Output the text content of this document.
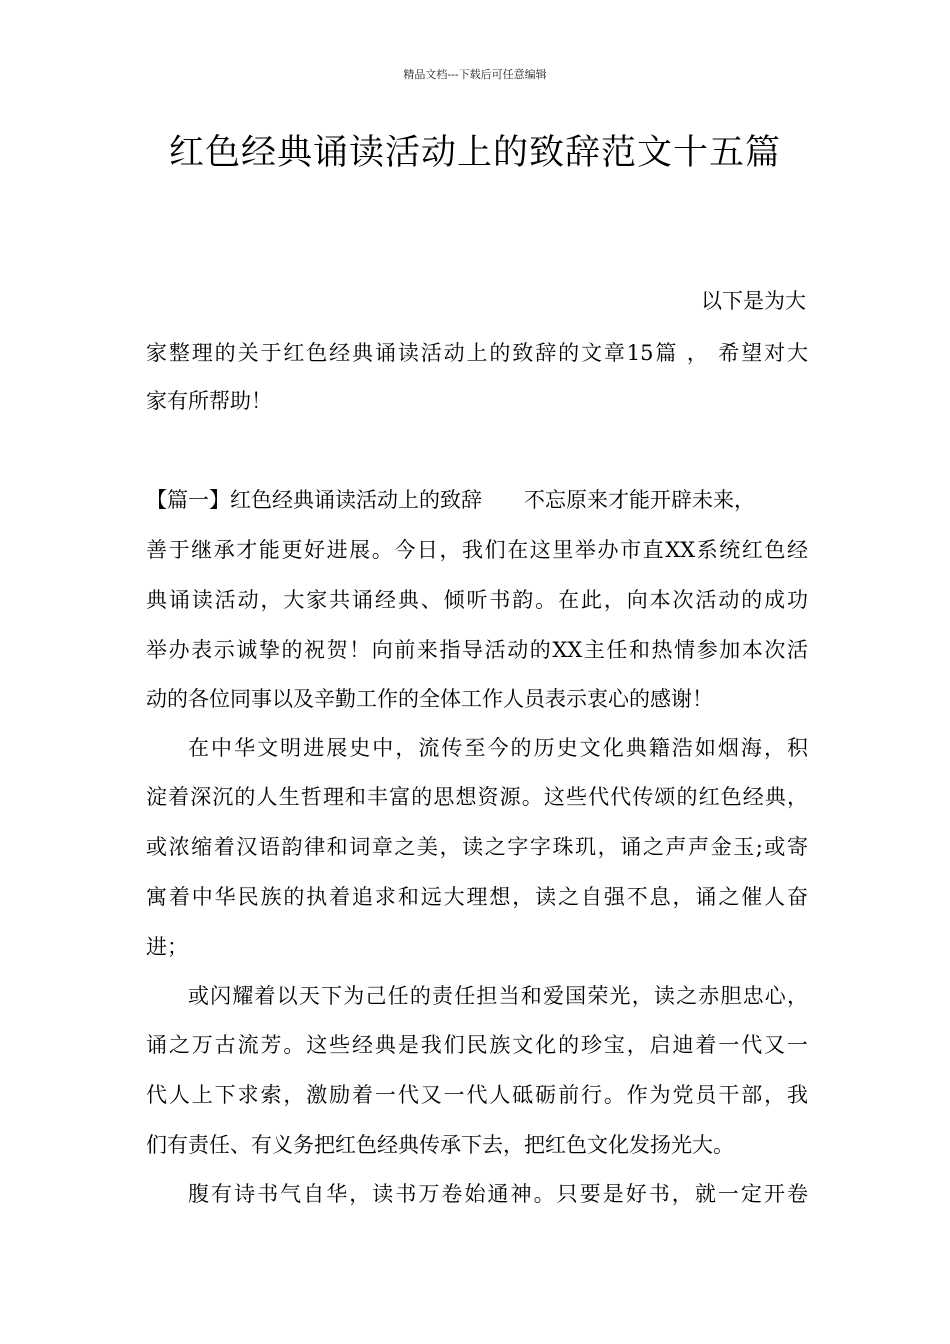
精品文档---下载后可任意编辑
红色经典诵读活动上的致辞范文十五篇
以下是为大
家整理的关于红色经典诵读活动上的致辞的文章15篇 ， 希望对大
家有所帮助！
【篇一】红色经典诵读活动上的致辞 不忘原来才能开辟未来，
善于继承才能更好进展。今日，我们在这里举办市直XX系统红色经
典诵读活动，大家共诵经典、倾听书韵。在此，向本次活动的成功
举办表示诚挚的祝贺！向前来指导活动的XX主任和热情参加本次活
动的各位同事以及辛勤工作的全体工作人员表示衷心的感谢！
在中华文明进展史中，流传至今的历史文化典籍浩如烟海，积
淀着深沉的人生哲理和丰富的思想资源。这些代代传颂的红色经典，
或浓缩着汉语韵律和词章之美，读之字字珠玑，诵之声声金玉;或寄
寓着中华民族的执着追求和远大理想，读之自强不息，诵之催人奋
进；
或闪耀着以天下为己任的责任担当和爱国荣光，读之赤胆忠心，
诵之万古流芳。这些经典是我们民族文化的珍宝，启迪着一代又一
代人上下求索，激励着一代又一代人砥砺前行。作为党员干部，我
们有责任、有义务把红色经典传承下去，把红色文化发扬光大。
腹有诗书气自华，读书万卷始通神。只要是好书，就一定开卷
